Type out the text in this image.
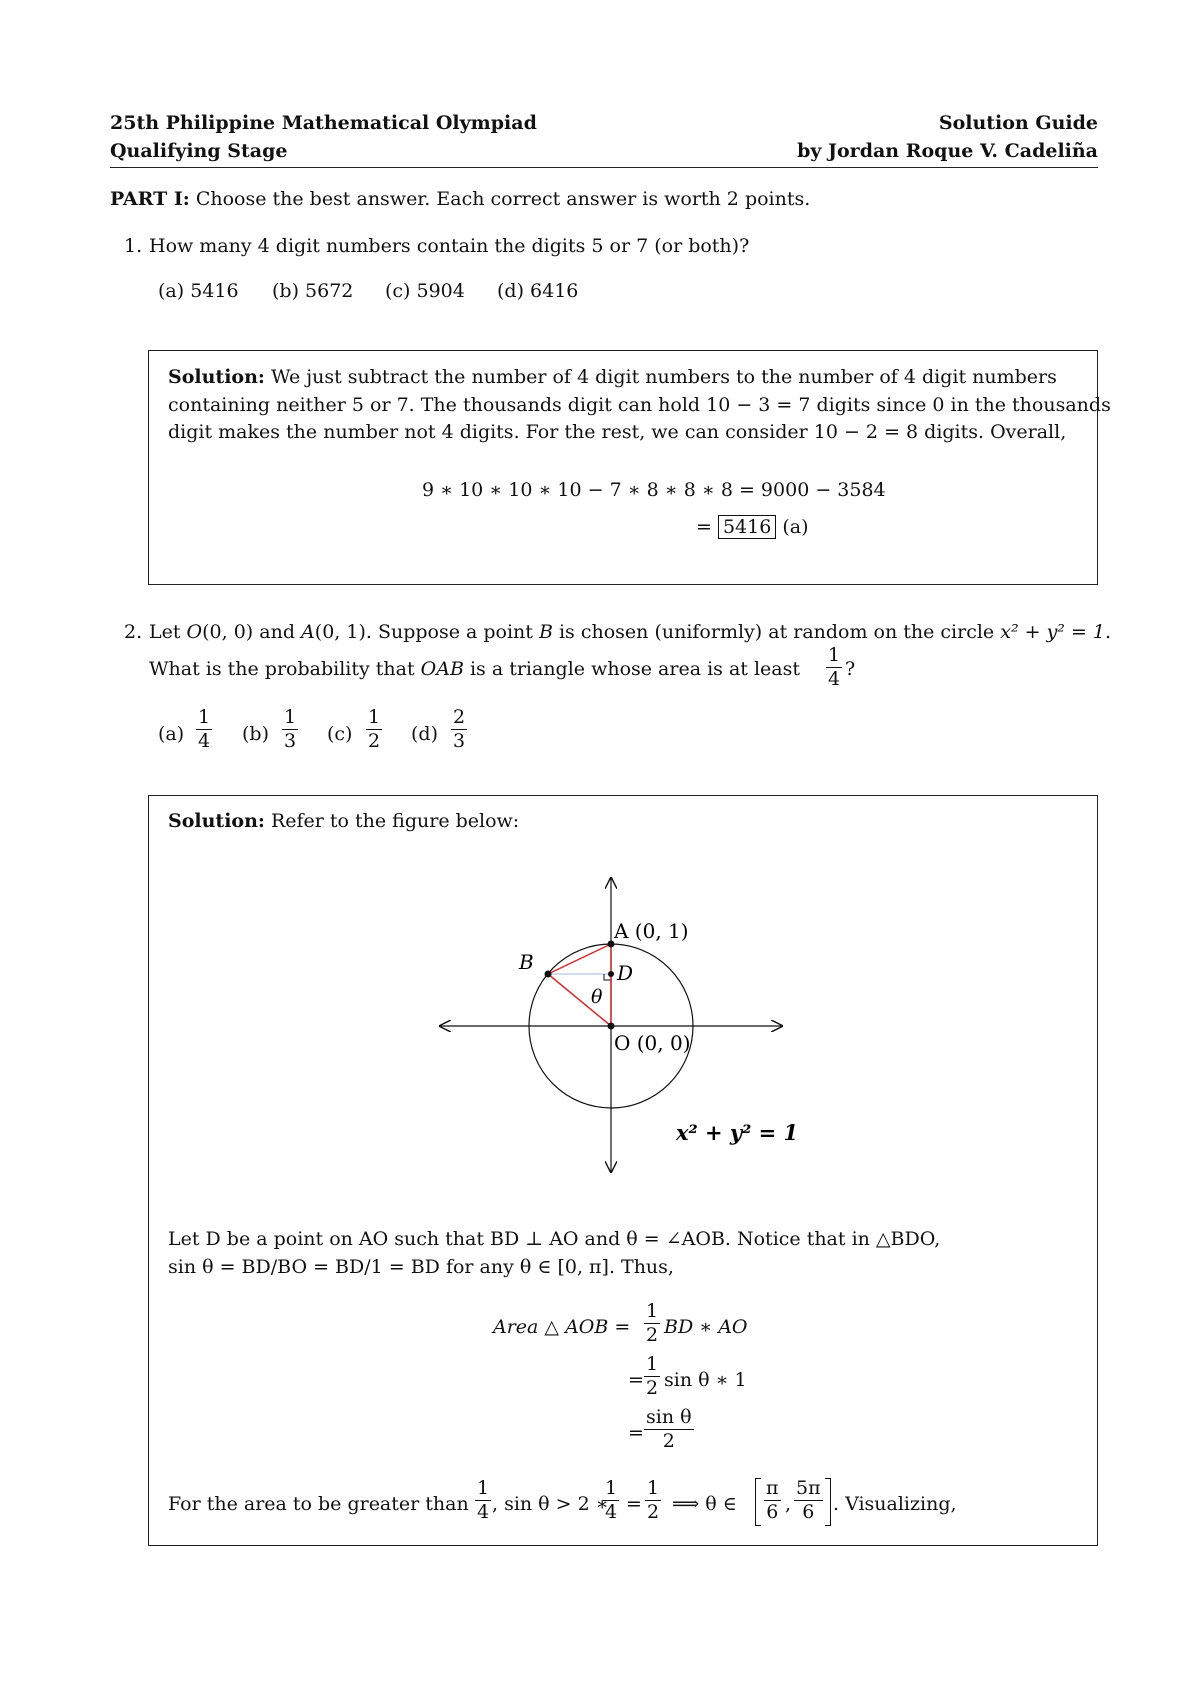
25th Philippine Mathematical Olympiad
Qualifying Stage
Solution Guide
by Jordan Roque V. Cadeliña
PART I: Choose the best answer. Each correct answer is worth 2 points.
1. How many 4 digit numbers contain the digits 5 or 7 (or both)?
(a) 5416 (b) 5672 (c) 5904 (d) 6416
Solution: We just subtract the number of 4 digit numbers to the number of 4 digit numbers
containing neither 5 or 7. The thousands digit can hold 10 − 3 = 7 digits since 0 in the thousands
digit makes the number not 4 digits. For the rest, we can consider 10 − 2 = 8 digits. Overall,
9 ∗ 10 ∗ 10 ∗ 10 − 7 ∗ 8 ∗ 8 ∗ 8 = 9000 − 3584
= 5416 (a)
2. Let O(0, 0) and A(0, 1). Suppose a point B is chosen (uniformly) at random on the circle x² + y² = 1.
What is the probability that OAB is a triangle whose area is at least $\frac{1}{4}$ ?
$(a) \frac{1}{4} (b) \frac{1}{3} (c) \frac{1}{2} (d) \frac{2}{3}$
Solution: Refer to the figure below:
A (0, 1)
B	D
θ
O (0, 0)
x² + y² = 1
Let D be a point on AO such that BD ⊥ AO and θ = ∠AOB. Notice that in △BDO,
sin θ = BD/BO = BD/1 = BD for any θ ∈ [0, π]. Thus,
Area △ AOB = $\frac{1}{2}$ BD ∗ AO
= $\frac{1}{2}$ sin θ ∗ 1
= $\frac{\text{sin θ}}{2}$
For the area to be greater than $\frac{1}{4}$ , sin θ > 2 ∗
$\frac{1}{4} = \frac{1}{2}$ ⟹ θ ∈ $\frac{\pi}{6}$ , $\frac{5\pi}{6}$ . Visualizing,
